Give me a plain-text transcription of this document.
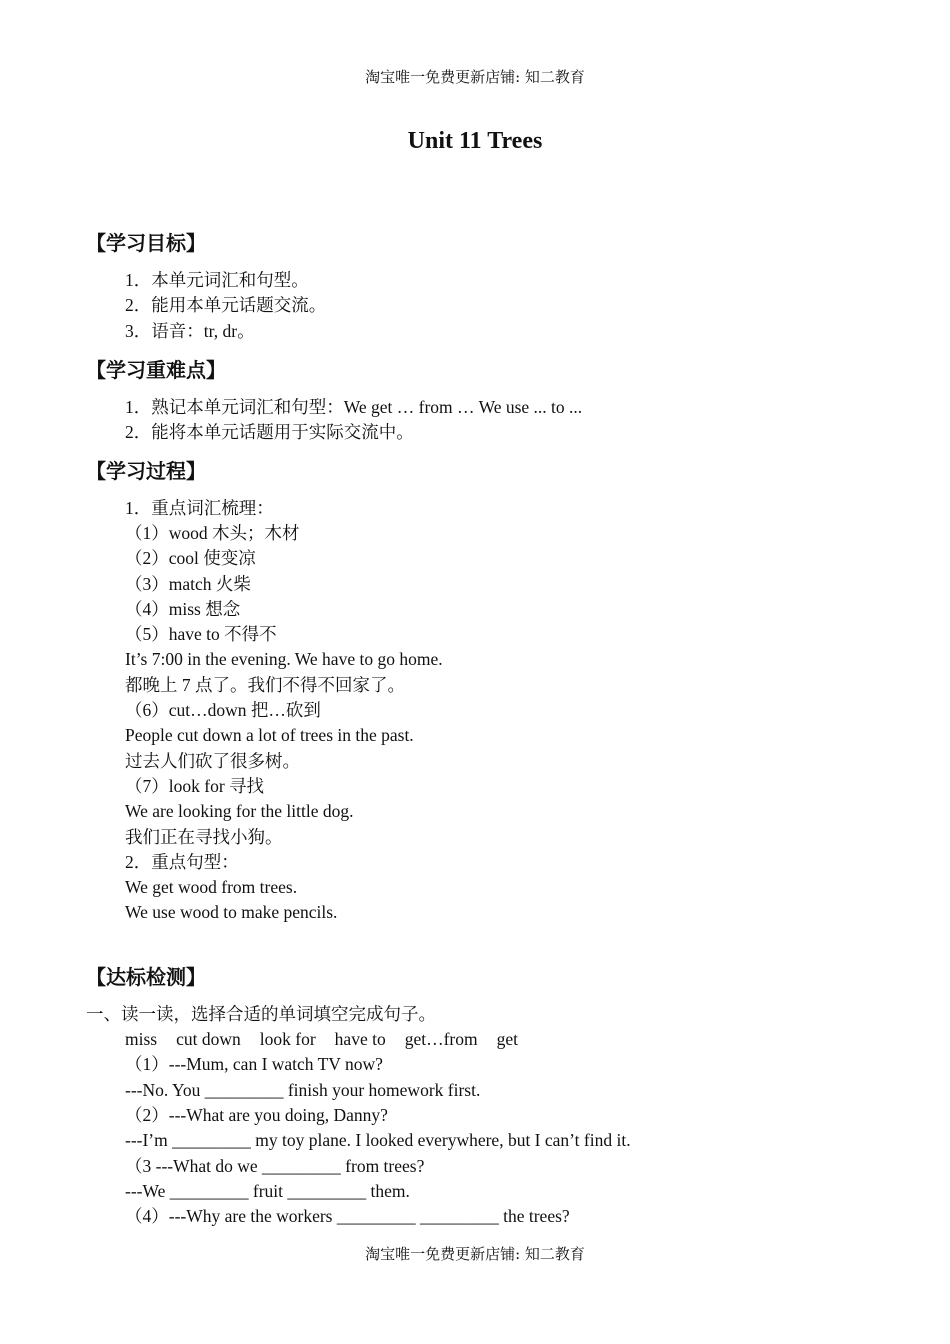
淘宝唯一免费更新店铺: 知二教育
Unit 11 Trees
【学习目标】
1．本单元词汇和句型。
2．能用本单元话题交流。
3．语音：tr, dr。
【学习重难点】
1．熟记本单元词汇和句型：We get … from … We use ... to ...
2．能将本单元话题用于实际交流中。
【学习过程】
1．重点词汇梳理：
（1）wood 木头；木材
（2）cool 使变凉
（3）match 火柴
（4）miss 想念
（5）have to 不得不
It’s 7:00 in the evening. We have to go home.
都晚上 7 点了。我们不得不回家了。
（6）cut…down 把…砍到
People cut down a lot of trees in the past.
过去人们砍了很多树。
（7）look for 寻找
We are looking for the little dog.
我们正在寻找小狗。
2．重点句型：
We get wood from trees.
We use wood to make pencils.
【达标检测】
一、读一读，选择合适的单词填空完成句子。
miss cut down look for have to get…from get
（1）---Mum, can I watch TV now?
---No. You _________ finish your homework first.
（2）---What are you doing, Danny?
---I’m _________ my toy plane. I looked everywhere, but I can’t find it.
（3 ---What do we _________ from trees?
---We _________ fruit _________ them.
（4）---Why are the workers _________ _________ the trees?
淘宝唯一免费更新店铺: 知二教育
